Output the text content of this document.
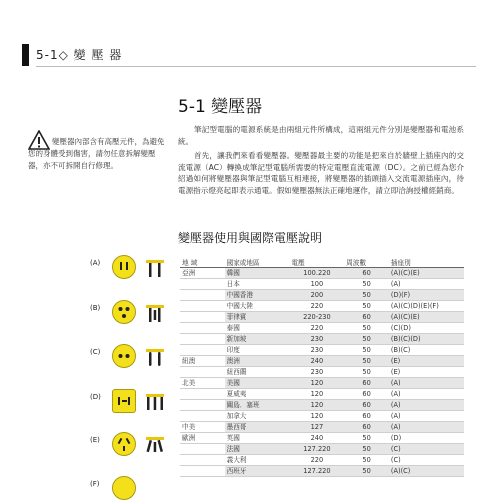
5-1◇ 變 壓 器
5-1 變壓器
變壓器內部含有高壓元件，為避免您的身體受到傷害，請勿任意拆解變壓器，亦不可拆開自行修理。
筆記型電腦的電源系統是由兩組元件所構成，這兩組元件分別是變壓器和電池系統。
首先，讓我們來看看變壓器。變壓器最主要的功能是把來自於牆壁上插座內的交流電源（AC）轉換成筆記型電腦所需要的特定電壓直流電源（DC）。之前已經為您介紹過如何將變壓器與筆記型電腦互相連接，將變壓器的插頭插入交流電源插座內，待電源指示燈亮起即表示通電。假如變壓器無法正確地運作，請立即洽詢授權經銷商。
變壓器使用與國際電壓說明
(A)
(B)
(C)
(D)
(E)
(F)
地 域	國家或地區	電壓	周波數	插座別
亞洲	韓國	100.220	60	(A)(C)(E)
	日本	100	50	(A)
	中國香港	200	50	(D)(F)
	中國大陸	220	50	(A)(C)(D)(E)(F)
	菲律賓	220-230	60	(A)(C)(E)
	泰國	220	50	(C)(D)
	新加坡	230	50	(B)(C)(D)
	印度	230	50	(B)(C)
紐澳	澳洲	240	50	(E)
	紐西蘭	230	50	(E)
北美	美國	120	60	(A)
	夏威夷	120	60	(A)
	關島．塞班	120	60	(A)
	加拿大	120	60	(A)
中美	墨西哥	127	60	(A)
歐洲	英國	240	50	(D)
	法國	127.220	50	(C)
	義大利	220	50	(C)
	西班牙	127.220	50	(A)(C)
